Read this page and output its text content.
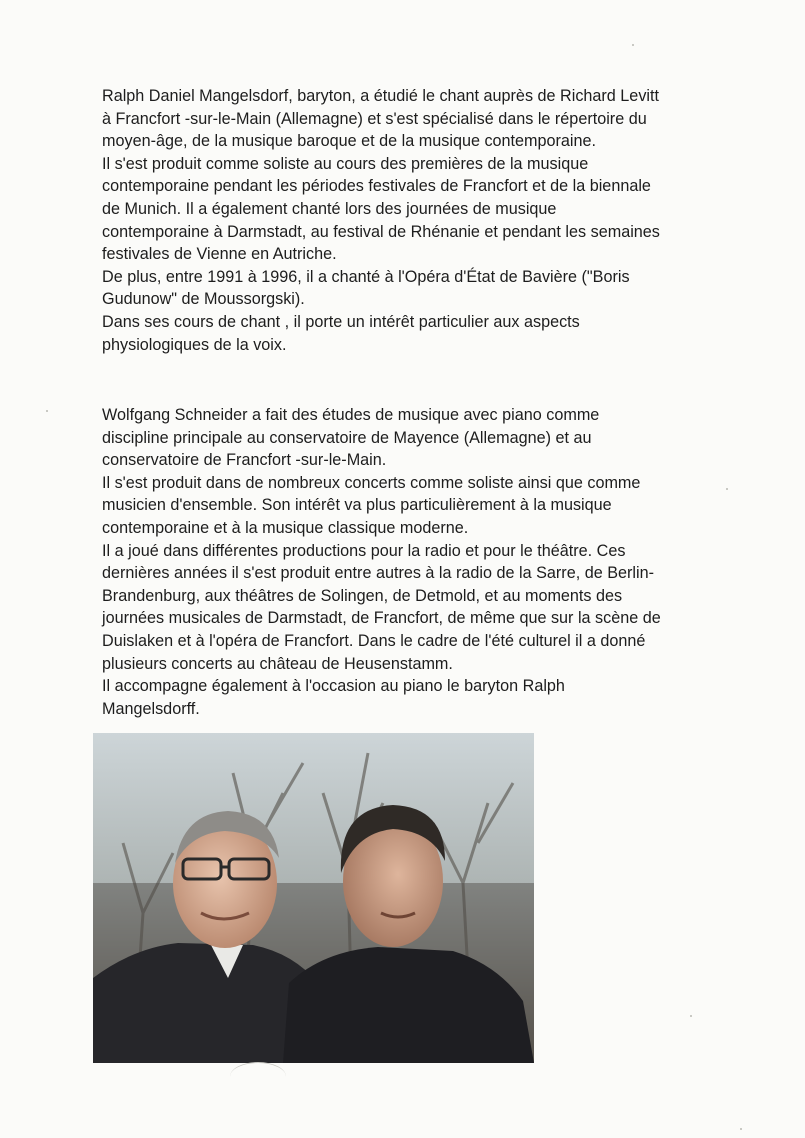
Ralph Daniel Mangelsdorf, baryton, a étudié le chant auprès de Richard Levitt
à Francfort -sur-le-Main (Allemagne) et s'est spécialisé dans le répertoire du
moyen-âge, de la musique baroque et de la musique contemporaine.
Il s'est produit comme soliste au cours des premières de la musique
contemporaine pendant les périodes festivales de Francfort et de la biennale
de Munich. Il a également chanté lors des journées de musique
contemporaine à Darmstadt, au festival de Rhénanie et pendant les semaines
festivales de Vienne en Autriche.
De plus, entre 1991 à 1996, il a chanté à l'Opéra d'État de Bavière ("Boris
Gudunow" de Moussorgski).
Dans ses cours de chant , il porte un intérêt particulier aux aspects
physiologiques de la voix.

Wolfgang Schneider a fait des études de musique avec piano comme
discipline principale au conservatoire de Mayence (Allemagne) et au
conservatoire de Francfort -sur-le-Main.
Il s'est produit dans de nombreux concerts comme soliste ainsi que comme
musicien d'ensemble. Son intérêt va plus particulièrement à la musique
contemporaine et à la musique classique moderne.
Il a joué dans différentes productions pour la radio et pour le théâtre. Ces
dernières années il s'est produit entre autres à la radio de la Sarre, de Berlin-
Brandenburg, aux théâtres de Solingen, de Detmold, et au moments des
journées musicales de Darmstadt, de Francfort, de même que sur la scène de
Duislaken et à l'opéra de Francfort. Dans le cadre de l'été culturel il a donné
plusieurs concerts au château de Heusenstamm.
Il accompagne également à l'occasion au piano le baryton Ralph
Mangelsdorff.
